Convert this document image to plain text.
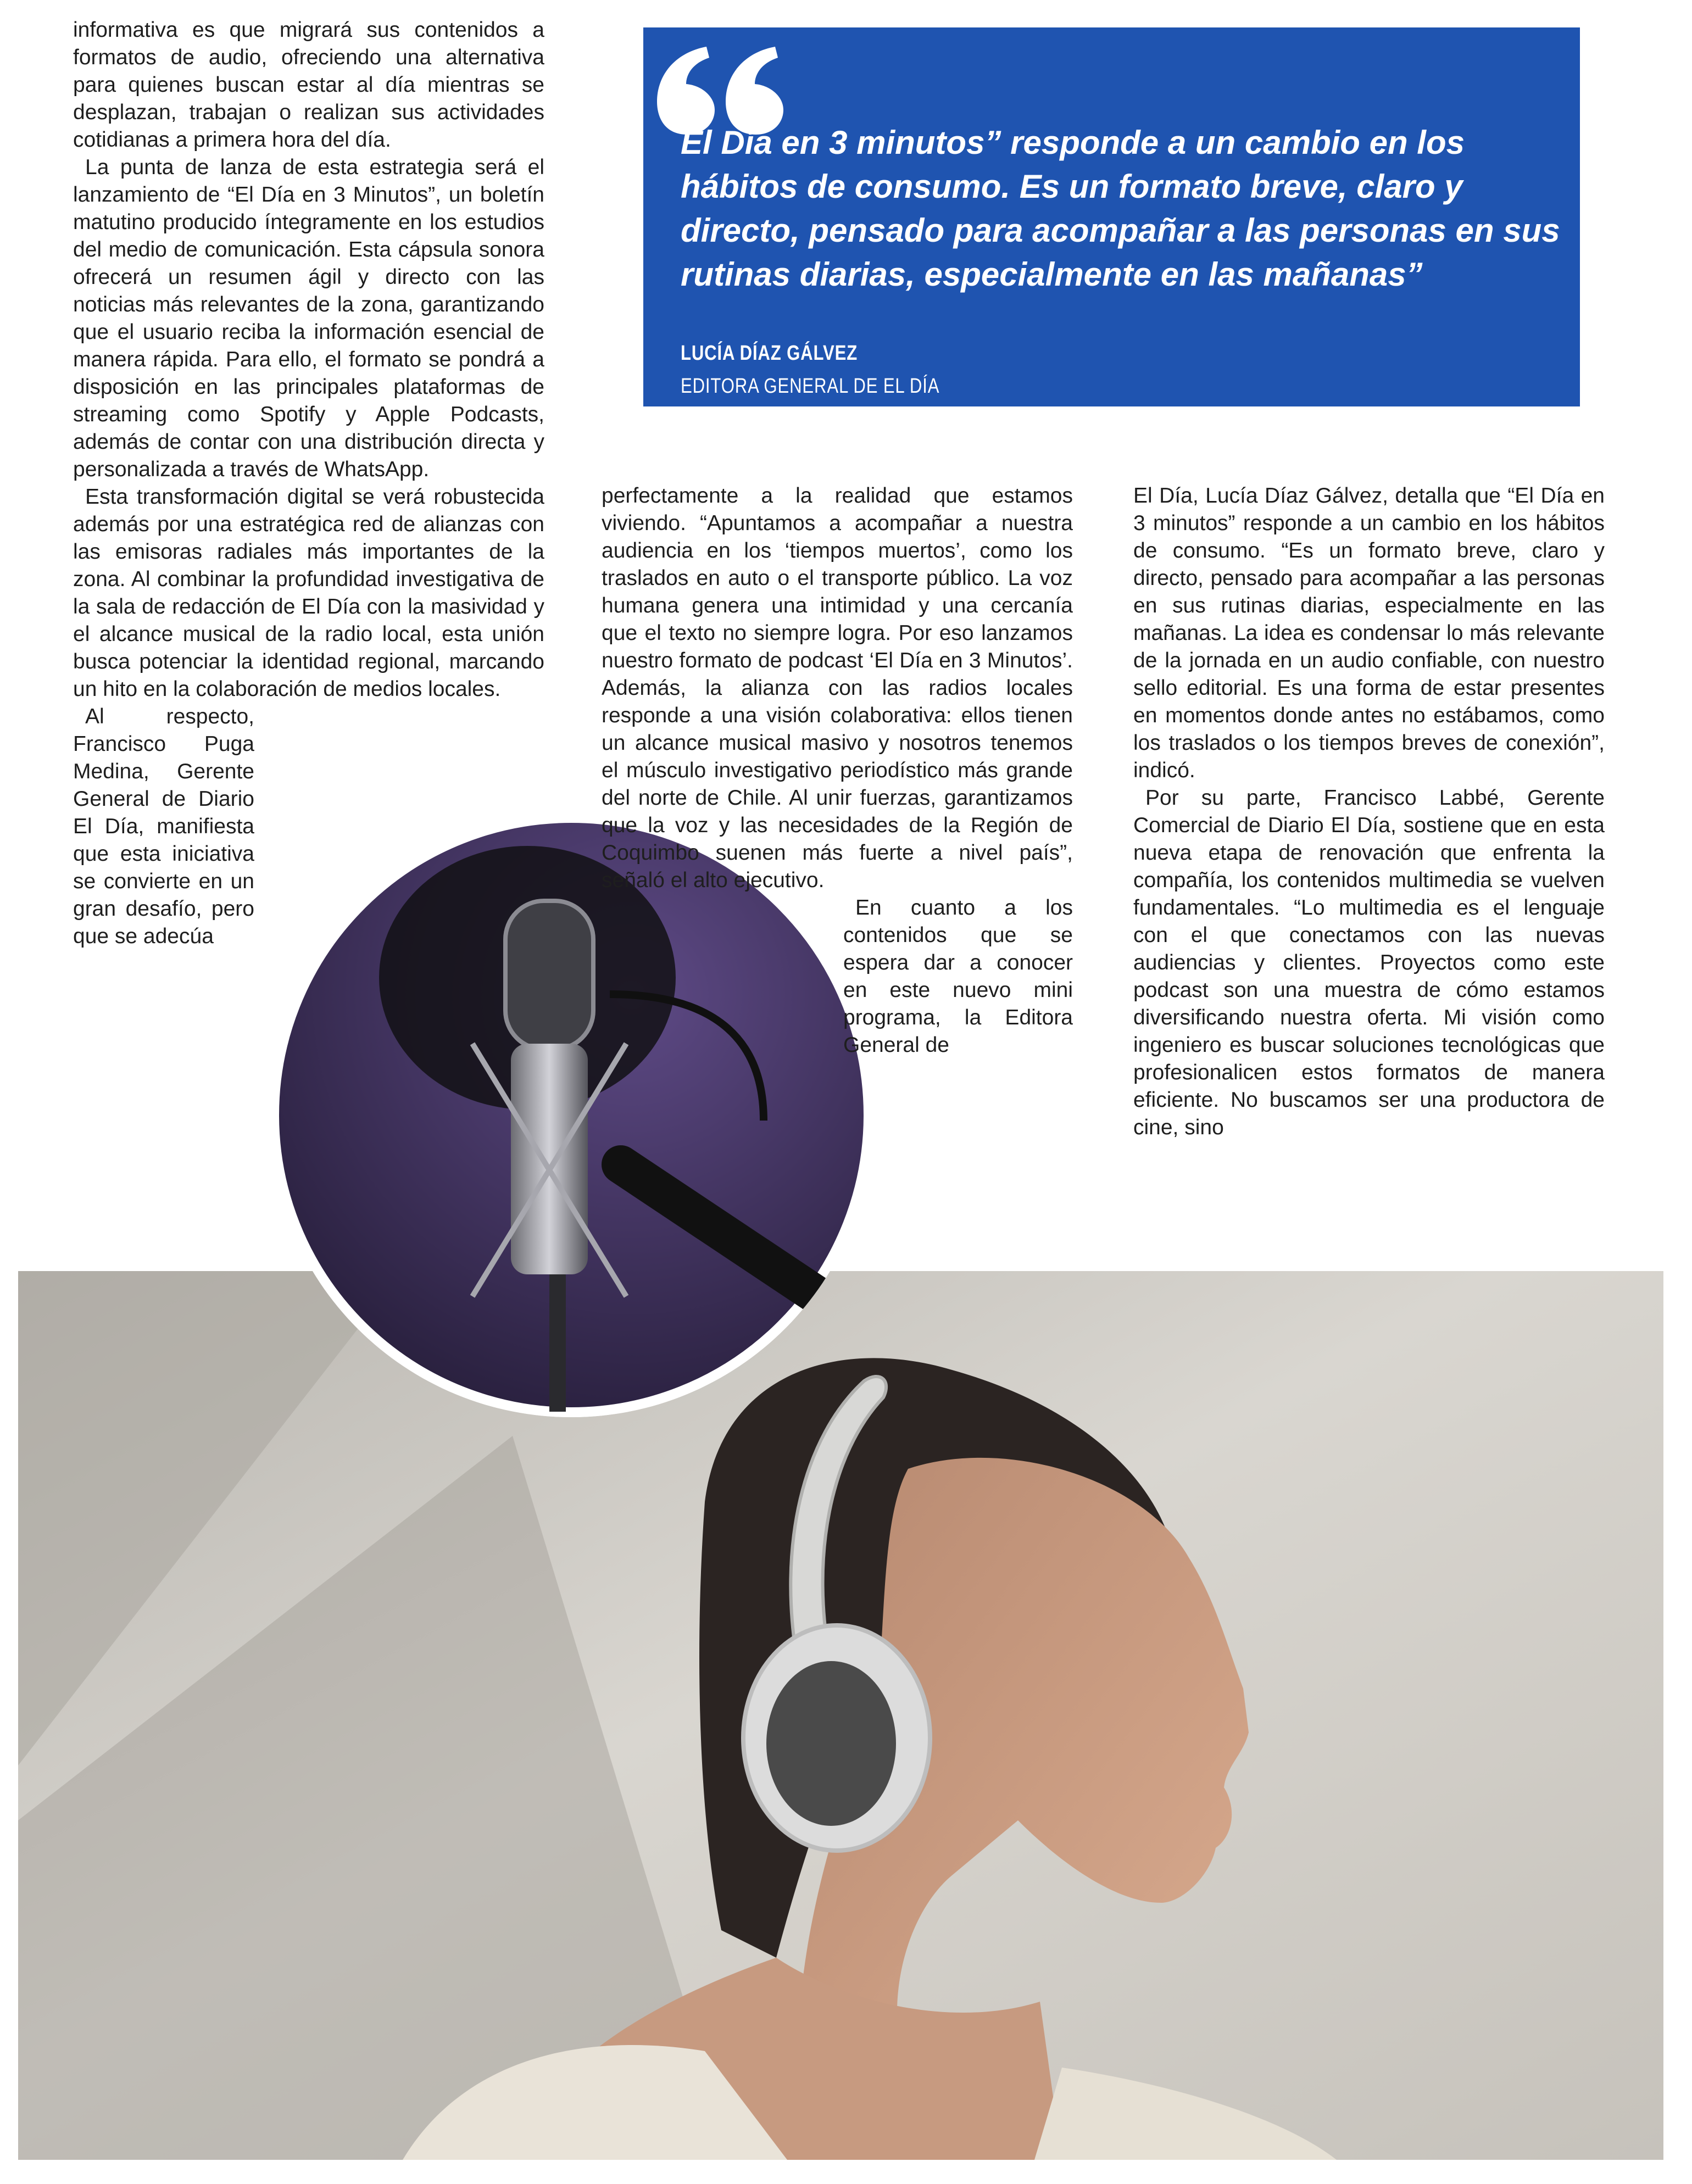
informativa es que migrará sus contenidos a formatos de audio, ofreciendo una alternativa para quienes buscan estar al día mientras se desplazan, trabajan o realizan sus actividades cotidianas a primera hora del día.

La punta de lanza de esta estrategia será el lanzamiento de “El Día en 3 Minutos”, un boletín matutino producido íntegramente en los estudios del medio de comunicación. Esta cápsula sonora ofrecerá un resumen ágil y directo con las noticias más relevantes de la zona, garantizando que el usuario reciba la información esencial de manera rápida. Para ello, el formato se pondrá a disposición en las principales plataformas de streaming como Spotify y Apple Podcasts, además de contar con una distribución directa y personalizada a través de WhatsApp.

Esta transformación digital se verá robustecida además por una estratégica red de alianzas con las emisoras radiales más importantes de la zona. Al combinar la profundidad investigativa de la sala de redacción de El Día con la masividad y el alcance musical de la radio local, esta unión busca potenciar la identidad regional, marcando un hito en la colaboración de medios locales.

Al respecto, Francisco Puga Medina, Gerente General de Diario El Día, manifiesta que esta iniciativa se convierte en un gran desafío, pero que se adecúa

El Día en 3 minutos” responde a un cambio en los hábitos de consumo. Es un formato breve, claro y directo, pensado para acompañar a las personas en sus rutinas diarias, especialmente en las mañanas”

LUCÍA DÍAZ GÁLVEZ
EDITORA GENERAL DE EL DÍA

perfectamente a la realidad que estamos viviendo. “Apuntamos a acompañar a nuestra audiencia en los ‘tiempos muertos’, como los traslados en auto o el transporte público. La voz humana genera una intimidad y una cercanía que el texto no siempre logra. Por eso lanzamos nuestro formato de podcast ‘El Día en 3 Minutos’. Además, la alianza con las radios locales responde a una visión colaborativa: ellos tienen un alcance musical masivo y nosotros tenemos el músculo investigativo periodístico más grande del norte de Chile. Al unir fuerzas, garantizamos que la voz y las necesidades de la Región de Coquimbo suenen más fuerte a nivel país”, señaló el alto ejecutivo.

En cuanto a los contenidos que se espera dar a conocer en este nuevo mini programa, la Editora General de

El Día, Lucía Díaz Gálvez, detalla que “El Día en 3 minutos” responde a un cambio en los hábitos de consumo. “Es un formato breve, claro y directo, pensado para acompañar a las personas en sus rutinas diarias, especialmente en las mañanas. La idea es condensar lo más relevante de la jornada en un audio confiable, con nuestro sello editorial. Es una forma de estar presentes en momentos donde antes no estábamos, como los traslados o los tiempos breves de conexión”, indicó.

Por su parte, Francisco Labbé, Gerente Comercial de Diario El Día, sostiene que en esta nueva etapa de renovación que enfrenta la compañía, los contenidos multimedia se vuelven fundamentales. “Lo multimedia es el lenguaje con el que conectamos con las nuevas audiencias y clientes. Proyectos como este podcast son una muestra de cómo estamos diversificando nuestra oferta. Mi visión como ingeniero es buscar soluciones tecnológicas que profesionalicen estos formatos de manera eficiente. No buscamos ser una productora de cine, sino
